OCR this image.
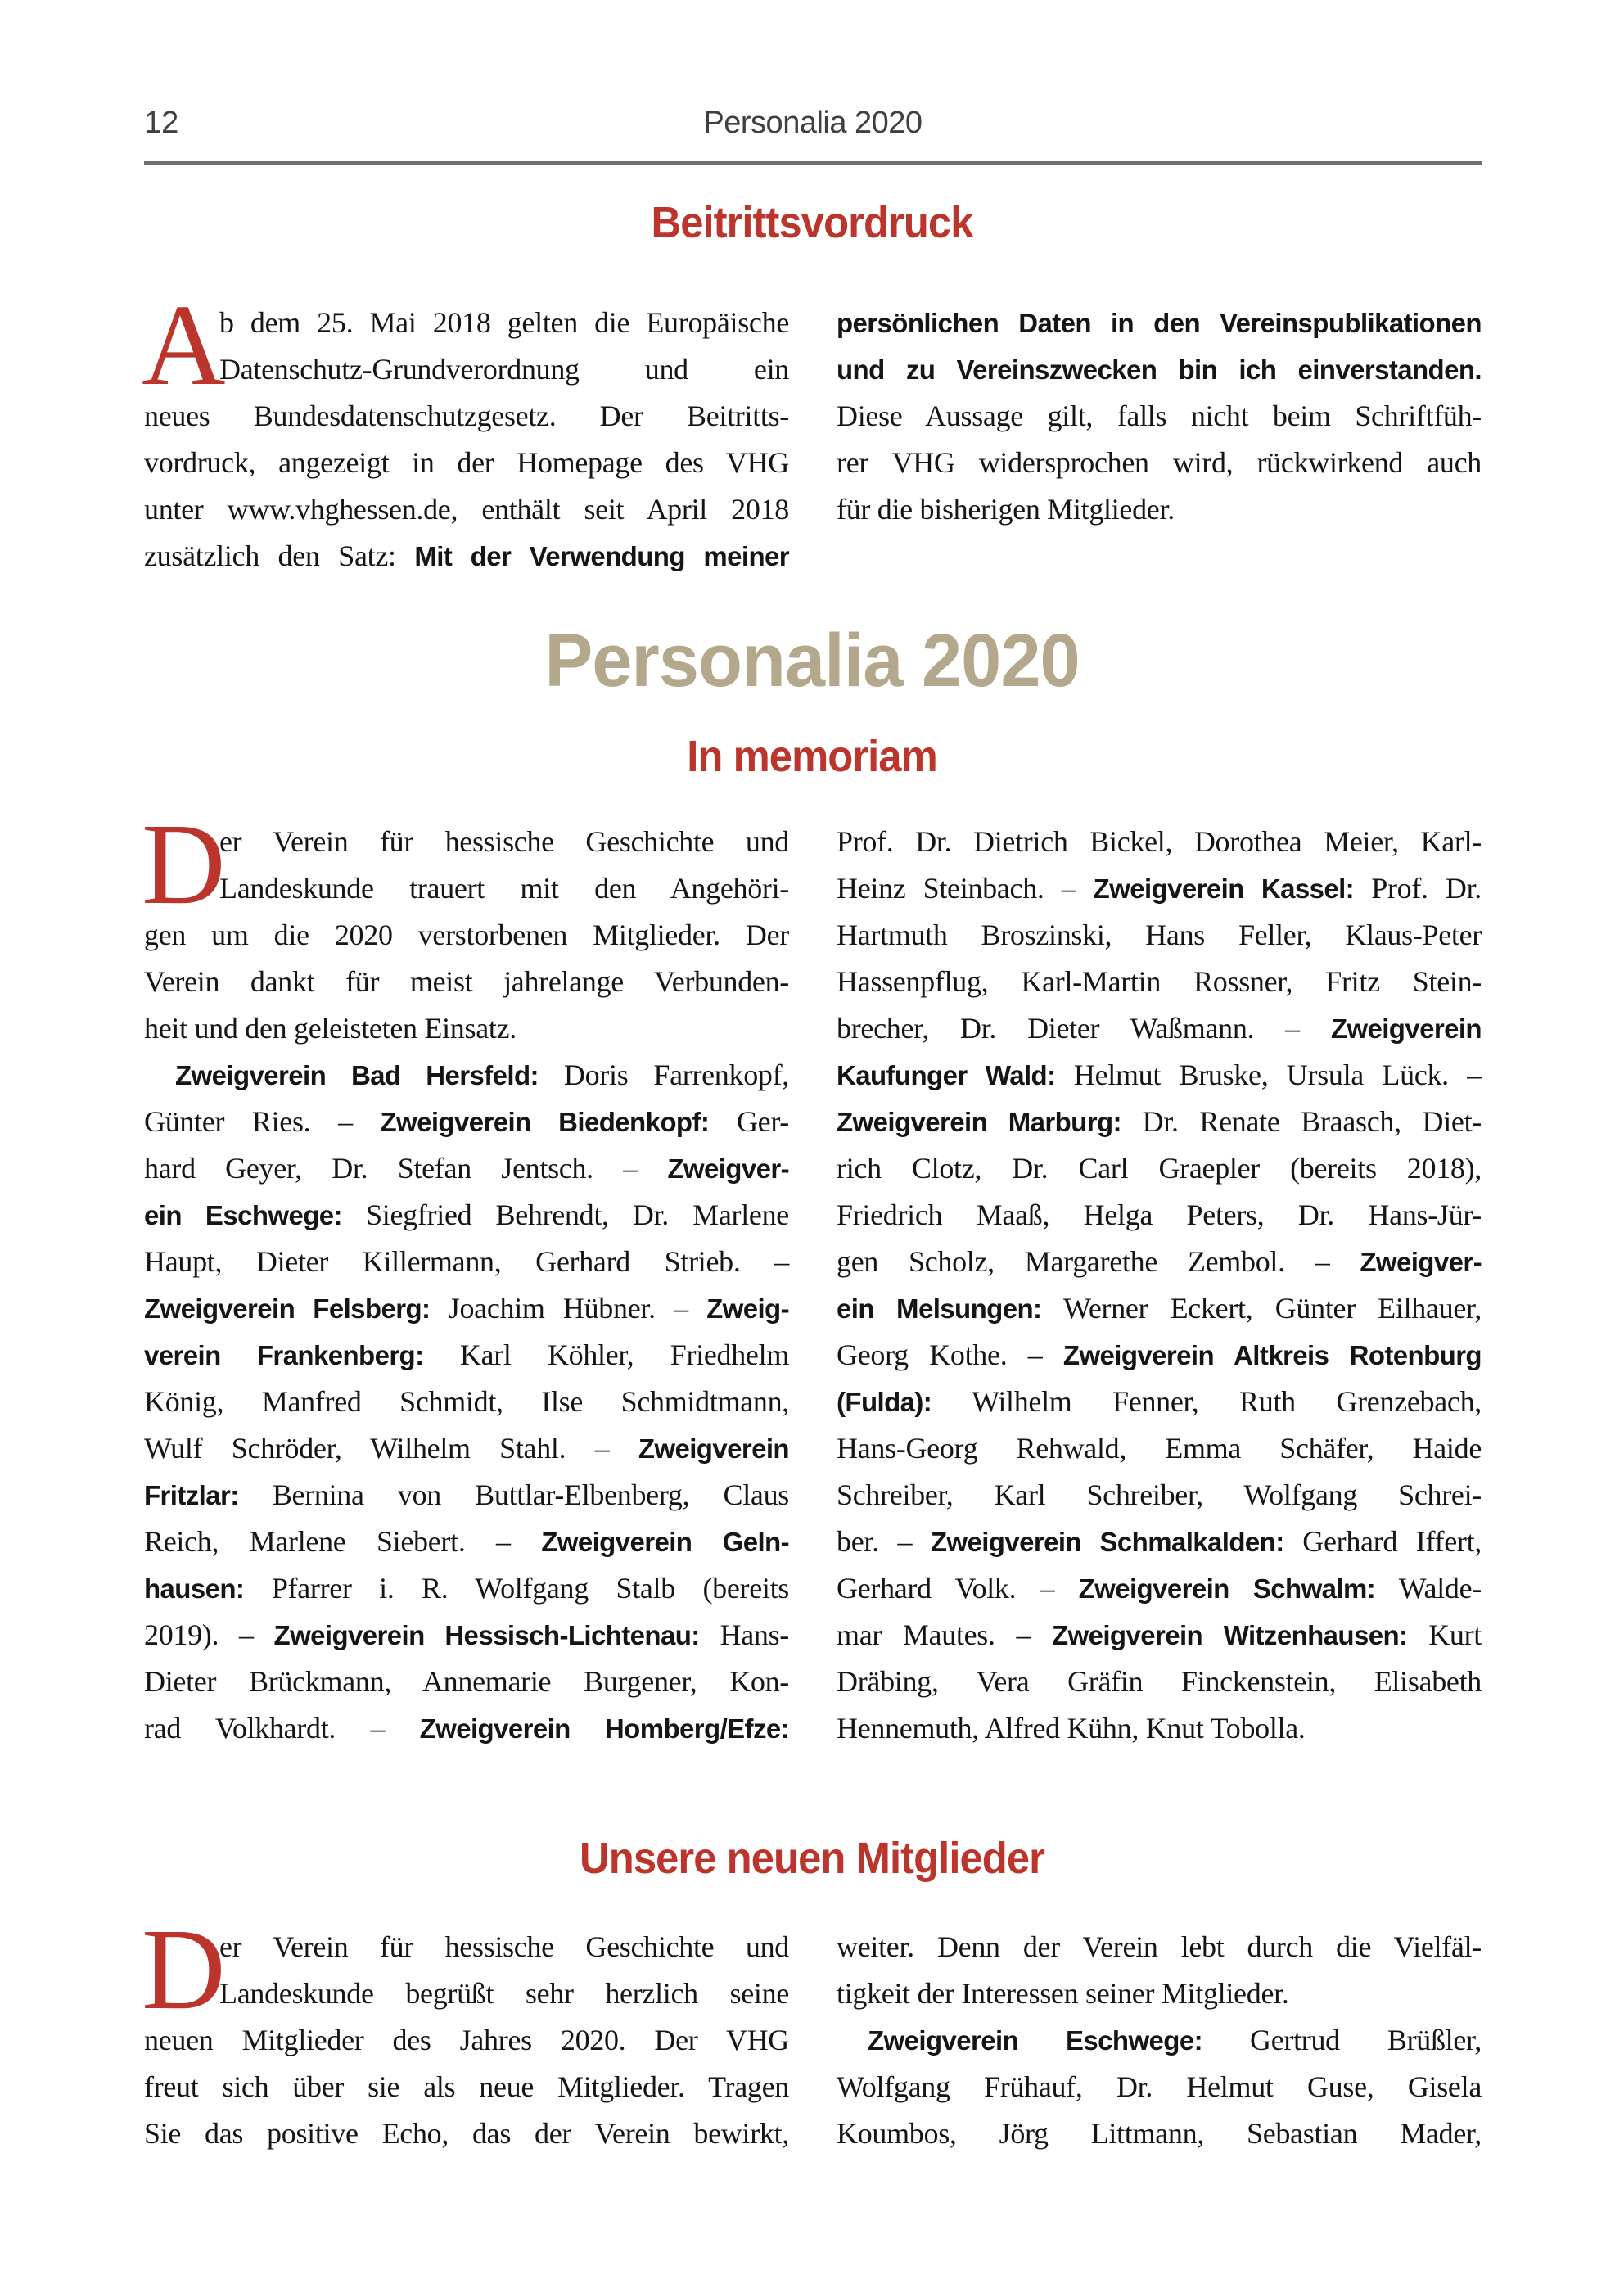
12	Personalia 2020
Beitrittsvordruck
A
b dem 25. Mai 2018 gelten die Europäische
Datenschutz-Grundverordnung und ein
neues Bundesdatenschutzgesetz. Der Beitritts-
vordruck, angezeigt in der Homepage des VHG
unter www.vhghessen.de, enthält seit April 2018
zusätzlich den Satz: Mit der Verwendung meiner
persönlichen Daten in den Vereinspublikationen
und zu Vereinszwecken bin ich einverstanden.
Diese Aussage gilt, falls nicht beim Schriftfüh-
rer VHG widersprochen wird, rückwirkend auch
für die bisherigen Mitglieder.
Personalia 2020
In memoriam
D
er Verein für hessische Geschichte und
Landeskunde trauert mit den Angehöri-
gen um die 2020 verstorbenen Mitglieder. Der
Verein dankt für meist jahrelange Verbunden-
heit und den geleisteten Einsatz.
Zweigverein Bad Hersfeld: Doris Farrenkopf,
Günter Ries. – Zweigverein Biedenkopf: Ger-
hard Geyer, Dr. Stefan Jentsch. – Zweigver-
ein Eschwege: Siegfried Behrendt, Dr. Marlene
Haupt, Dieter Killermann, Gerhard Strieb. –
Zweigverein Felsberg: Joachim Hübner. – Zweig-
verein Frankenberg: Karl Köhler, Friedhelm
König, Manfred Schmidt, Ilse Schmidtmann,
Wulf Schröder, Wilhelm Stahl. – Zweigverein
Fritzlar: Bernina von Buttlar-Elbenberg, Claus
Reich, Marlene Siebert. – Zweigverein Geln-
hausen: Pfarrer i. R. Wolfgang Stalb (bereits
2019). – Zweigverein Hessisch-Lichtenau: Hans-
Dieter Brückmann, Annemarie Burgener, Kon-
rad Volkhardt. – Zweigverein Homberg/Efze:
Prof. Dr. Dietrich Bickel, Dorothea Meier, Karl-
Heinz Steinbach. – Zweigverein Kassel: Prof. Dr.
Hartmuth Broszinski, Hans Feller, Klaus-Peter
Hassenpflug, Karl-Martin Rossner, Fritz Stein-
brecher, Dr. Dieter Waßmann. – Zweigverein
Kaufunger Wald: Helmut Bruske, Ursula Lück. –
Zweigverein Marburg: Dr. Renate Braasch, Diet-
rich Clotz, Dr. Carl Graepler (bereits 2018),
Friedrich Maaß, Helga Peters, Dr. Hans-Jür-
gen Scholz, Margarethe Zembol. – Zweigver-
ein Melsungen: Werner Eckert, Günter Eilhauer,
Georg Kothe. – Zweigverein Altkreis Rotenburg
(Fulda): Wilhelm Fenner, Ruth Grenzebach,
Hans-Georg Rehwald, Emma Schäfer, Haide
Schreiber, Karl Schreiber, Wolfgang Schrei-
ber. – Zweigverein Schmalkalden: Gerhard Iffert,
Gerhard Volk. – Zweigverein Schwalm: Walde-
mar Mautes. – Zweigverein Witzenhausen: Kurt
Dräbing, Vera Gräfin Finckenstein, Elisabeth
Hennemuth, Alfred Kühn, Knut Tobolla.
Unsere neuen Mitglieder
D
er Verein für hessische Geschichte und
Landeskunde begrüßt sehr herzlich seine
neuen Mitglieder des Jahres 2020. Der VHG
freut sich über sie als neue Mitglieder. Tragen
Sie das positive Echo, das der Verein bewirkt,
weiter. Denn der Verein lebt durch die Vielfäl-
tigkeit der Interessen seiner Mitglieder.
Zweigverein Eschwege: Gertrud Brüßler,
Wolfgang Frühauf, Dr. Helmut Guse, Gisela
Koumbos, Jörg Littmann, Sebastian Mader,
